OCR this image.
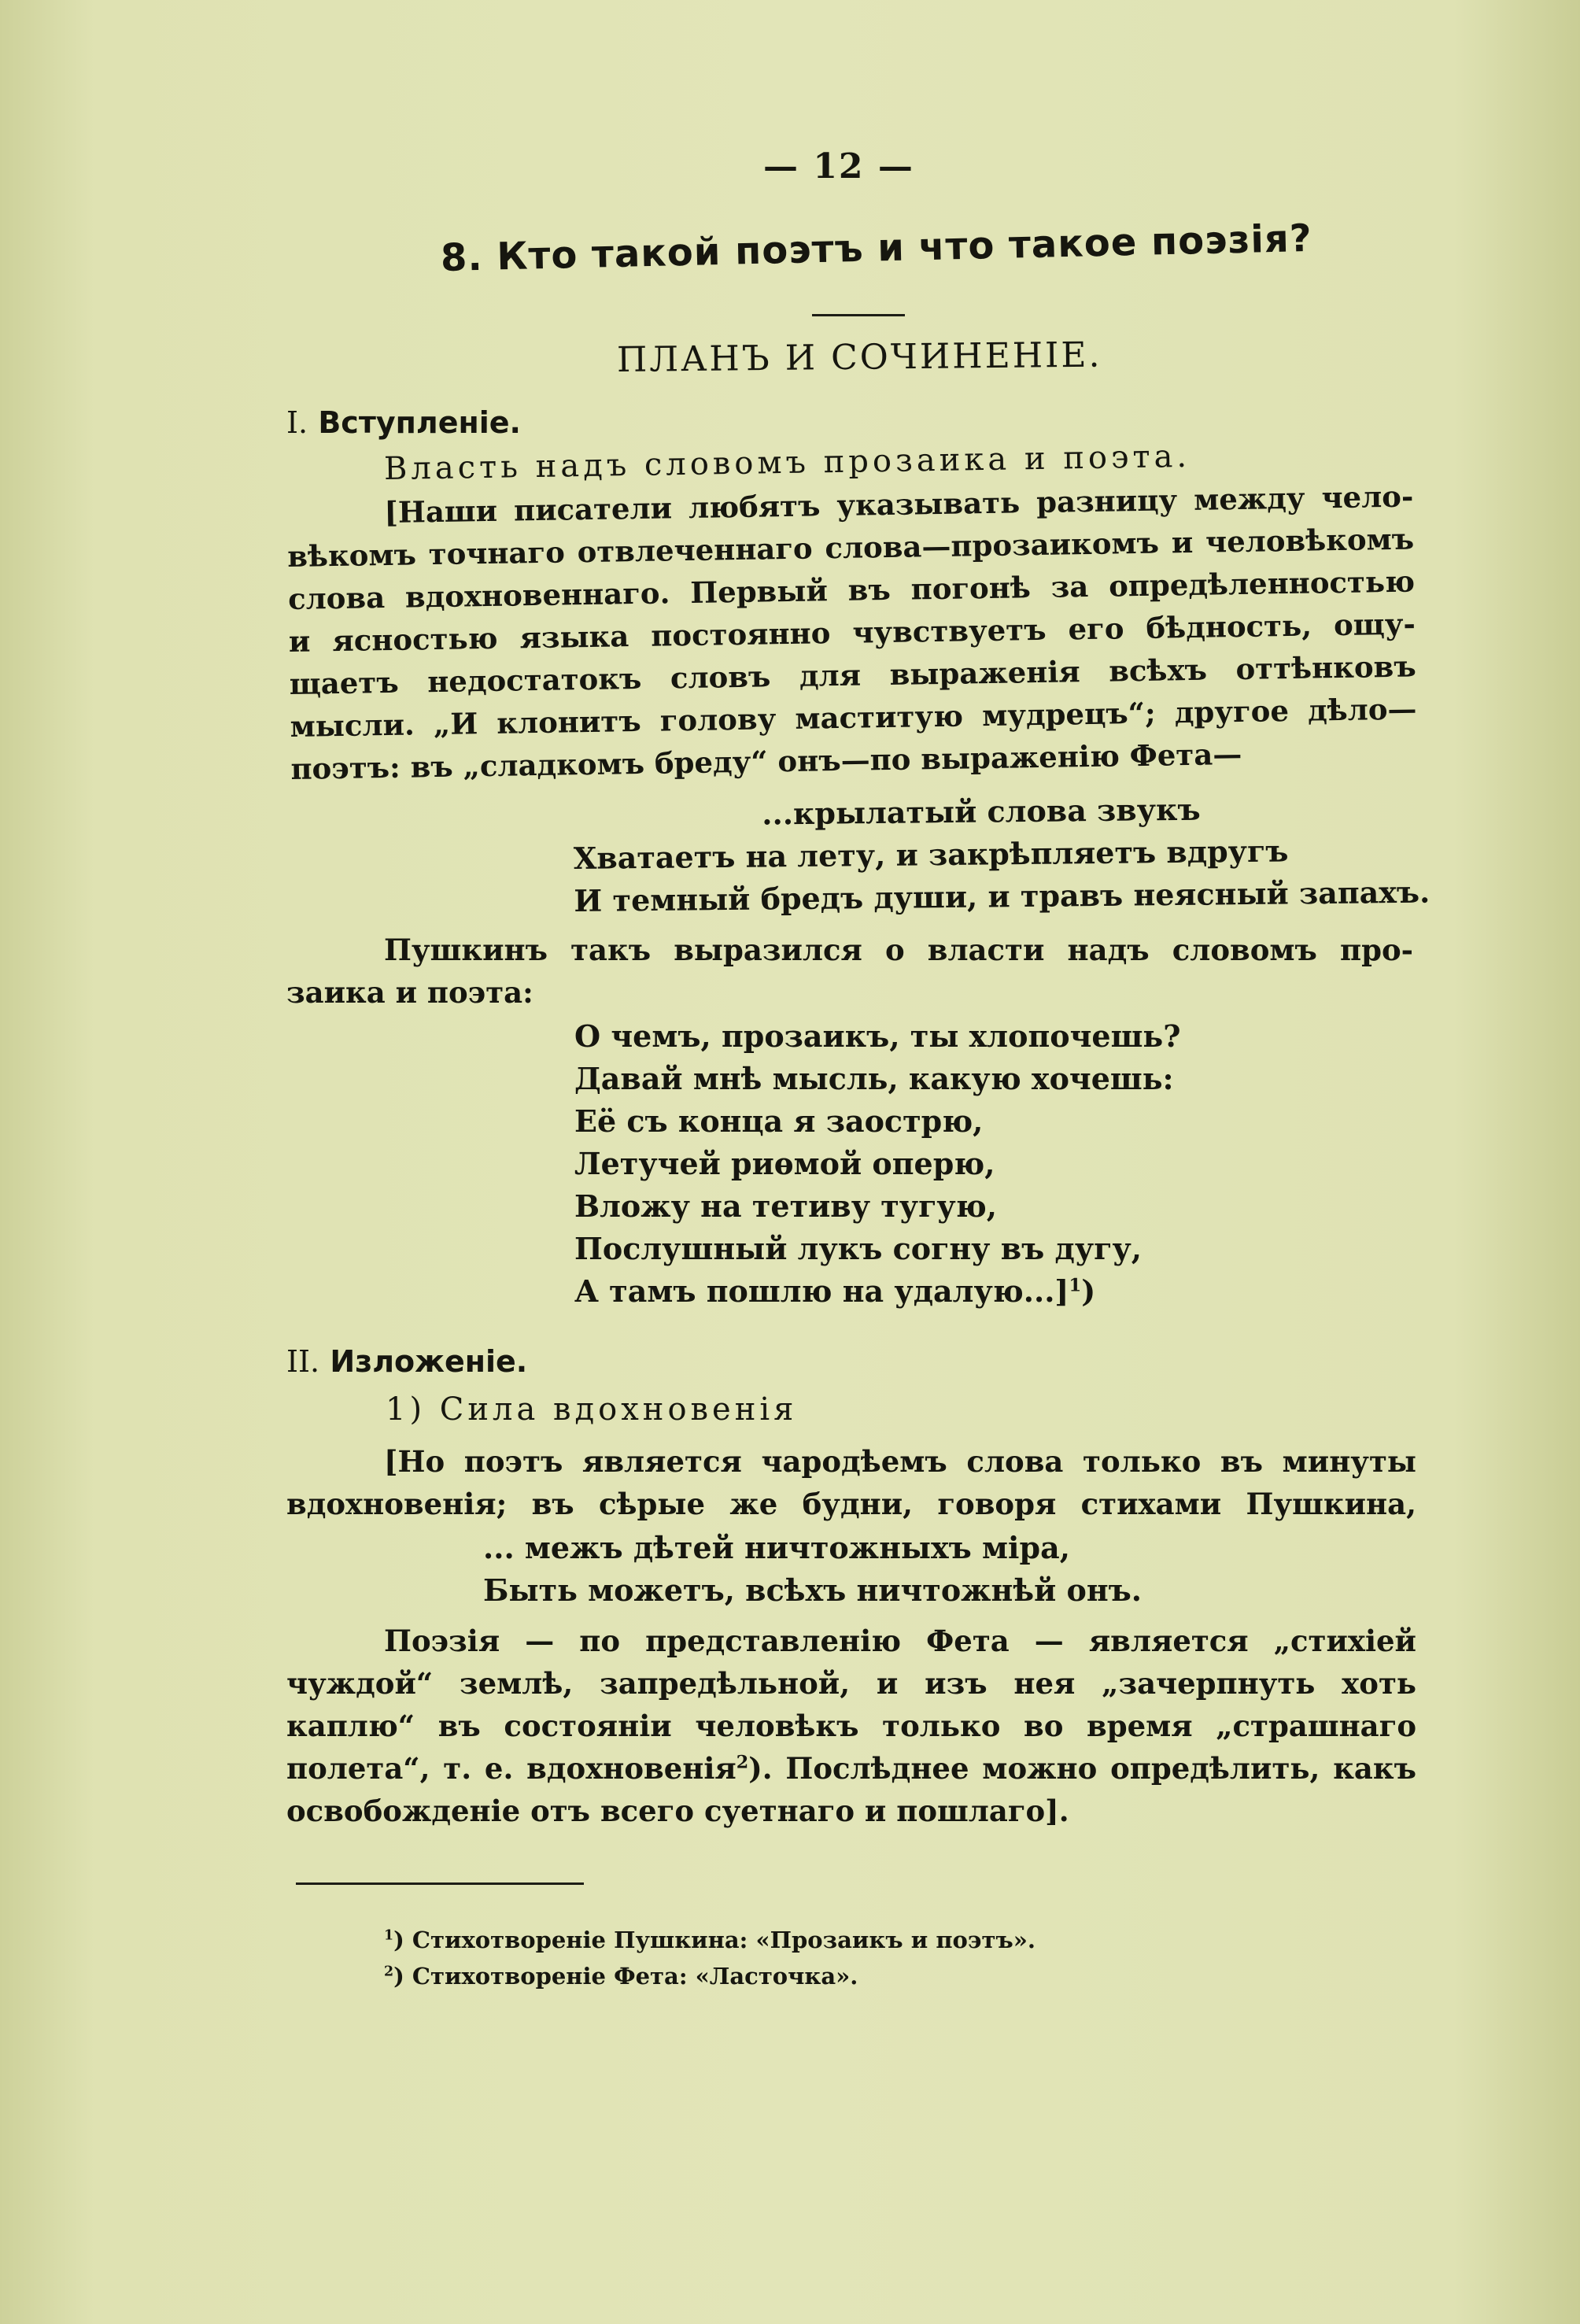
— 12 —
8. Кто такой поэтъ и что такое поэзія?
ПЛАНЪ И СОЧИНЕНІЕ.
I. Вступленіе.
Власть надъ словомъ прозаика и поэта.
[Наши писатели любятъ указывать разницу между чело-
вѣкомъ точнаго отвлеченнаго слова—прозаикомъ и человѣкомъ
слова вдохновеннаго. Первый въ погонѣ за опредѣленностью
и ясностью языка постоянно чувствуетъ его бѣдность, ощу-
щаетъ недостатокъ словъ для выраженія всѣхъ оттѣнковъ
мысли. „И клонитъ голову маститую мудрецъ“; другое дѣло—
поэтъ: въ „сладкомъ бреду“ онъ—по выраженію Фета—
...крылатый слова звукъ
Хватаетъ на лету, и закрѣпляетъ вдругъ
И темный бредъ души, и травъ неясный запахъ.
Пушкинъ такъ выразился о власти надъ словомъ про-
заика и поэта:
О чемъ, прозаикъ, ты хлопочешь?
Давай мнѣ мысль, какую хочешь:
Её съ конца я заострю,
Летучей риѳмой оперю,
Вложу на тетиву тугую,
Послушный лукъ согну въ дугу,
А тамъ пошлю на удалую...]$^1$)
II. Изложеніе.
1) Сила вдохновенія
[Но поэтъ является чародѣемъ слова только въ минуты
вдохновенія; въ сѣрые же будни, говоря стихами Пушкина,
... межъ дѣтей ничтожныхъ міра,
Быть можетъ, всѣхъ ничтожнѣй онъ.
Поэзія — по представленію Фета — является „стихіей
чуждой“ землѣ, запредѣльной, и изъ нея „зачерпнуть хоть
каплю“ въ состояніи человѣкъ только во время „страшнаго
полета“, т. е. вдохновенія$^2$). Послѣднее можно опредѣлить, какъ
освобожденіе отъ всего суетнаго и пошлаго].
$^1$) Стихотвореніе Пушкина: «Прозаикъ и поэтъ».
$^2$) Стихотвореніе Фета: «Ласточка».
